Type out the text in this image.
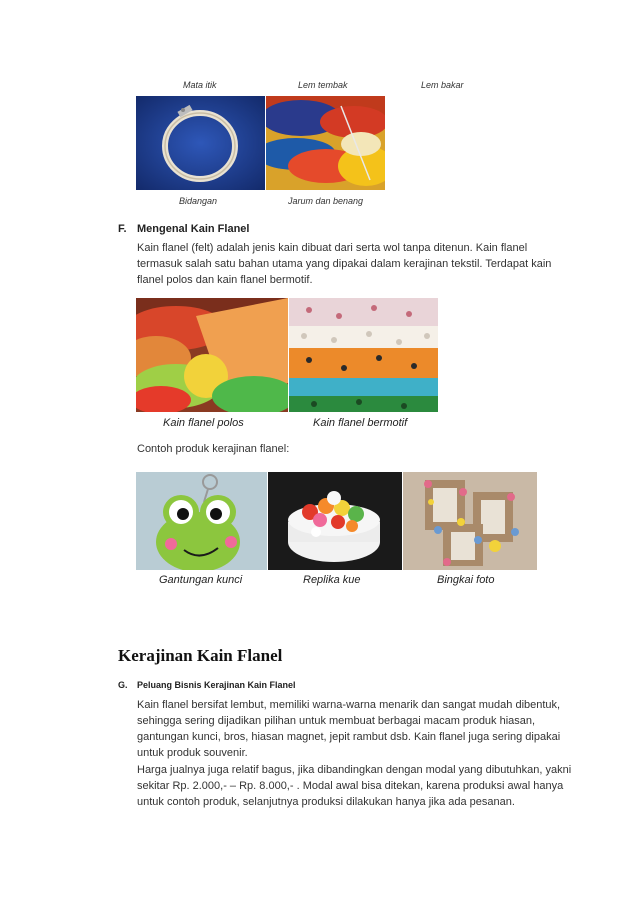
Mata itik	Lem tembak	Lem bakar
Bidangan	Jarum dan benang
F. Mengenal Kain Flanel
Kain flanel (felt) adalah jenis kain dibuat dari serta wol tanpa ditenun. Kain flanel
termasuk salah satu bahan utama yang dipakai dalam kerajinan tekstil. Terdapat kain
flanel polos dan kain flanel bermotif.
Kain flanel polos	Kain flanel bermotif
Contoh produk kerajinan flanel:
Gantungan kunci	Replika kue	Bingkai foto
Kerajinan Kain Flanel
G. Peluang Bisnis Kerajinan Kain Flanel
Kain flanel bersifat lembut, memiliki warna-warna menarik dan sangat mudah dibentuk,
sehingga sering dijadikan pilihan untuk membuat berbagai macam produk hiasan,
gantungan kunci, bros, hiasan magnet, jepit rambut dsb. Kain flanel juga sering dipakai
untuk produk souvenir.
Harga jualnya juga relatif bagus, jika dibandingkan dengan modal yang dibutuhkan, yakni
sekitar Rp. 2.000,- – Rp. 8.000,- . Modal awal bisa ditekan, karena produksi awal hanya
untuk contoh produk, selanjutnya produksi dilakukan hanya jika ada pesanan.
